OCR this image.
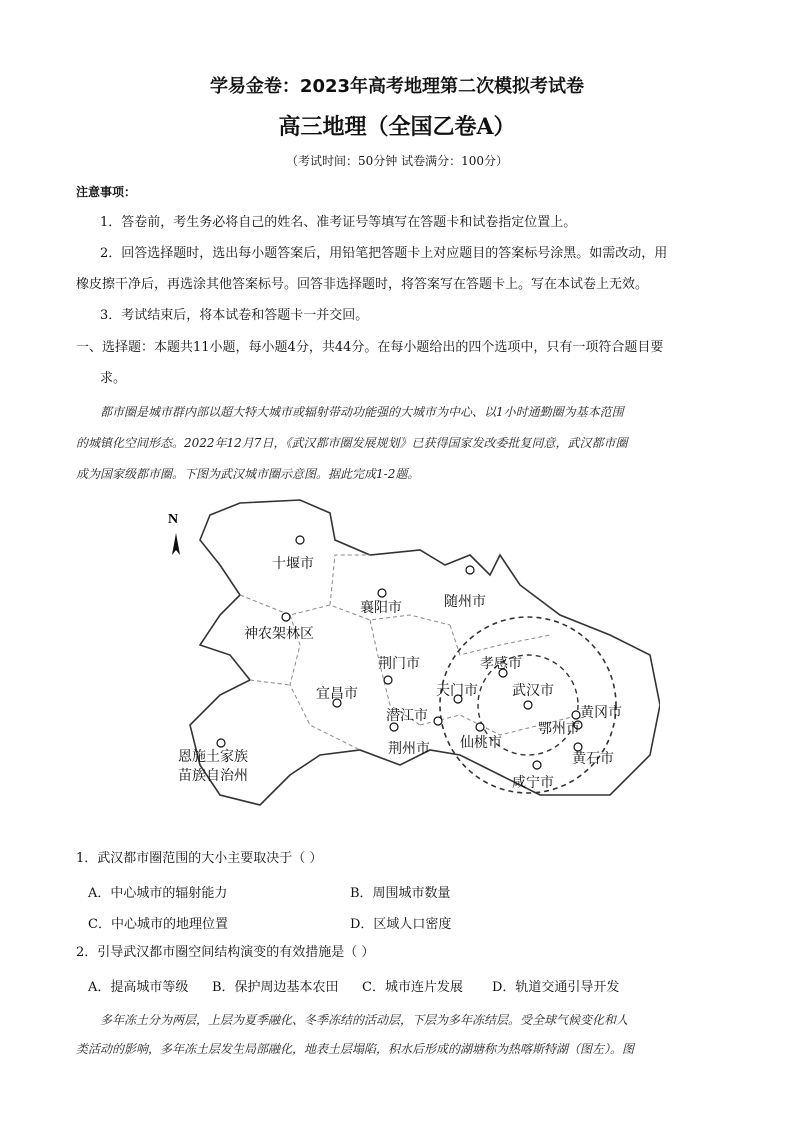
学易金卷：2023年高考地理第二次模拟考试卷
高三地理（全国乙卷A）
（考试时间：50分钟 试卷满分：100分）
注意事项：
1．答卷前，考生务必将自己的姓名、准考证号等填写在答题卡和试卷指定位置上。
2．回答选择题时，选出每小题答案后，用铅笔把答题卡上对应题目的答案标号涂黑。如需改动，用
橡皮擦干净后，再选涂其他答案标号。回答非选择题时，将答案写在答题卡上。写在本试卷上无效。
3．考试结束后，将本试卷和答题卡一并交回。
一、选择题：本题共11小题，每小题4分，共44分。在每小题给出的四个选项中，只有一项符合题目要
求。
都市圈是城市群内部以超大特大城市或辐射带动功能强的大城市为中心、以1小时通勤圈为基本范围
的城镇化空间形态。2022年12月7日，《武汉都市圈发展规划》已获得国家发改委批复同意，武汉都市圈
成为国家级都市圈。下图为武汉城市圈示意图。据此完成1-2题。
N
十堰市
襄阳市	随州市
神农架林区
荆门市	孝感市
宜昌市	天门市 武汉市
黄冈市
潜江市
鄂州市
仙桃市
荆州市
黄石市
咸宁市
恩施土家族
苗族自治州
1．武汉都市圈范围的大小主要取决于（ ）
A．中心城市的辐射能力	B．周围城市数量
C．中心城市的地理位置	D．区域人口密度
2．引导武汉都市圈空间结构演变的有效措施是（ ）
A．提高城市等级 B．保护周边基本农田 C．城市连片发展 D．轨道交通引导开发
多年冻土分为两层，上层为夏季融化、冬季冻结的活动层，下层为多年冻结层。受全球气候变化和人
类活动的影响，多年冻土层发生局部融化，地表土层塌陷，积水后形成的湖塘称为热喀斯特湖（图左）。图
